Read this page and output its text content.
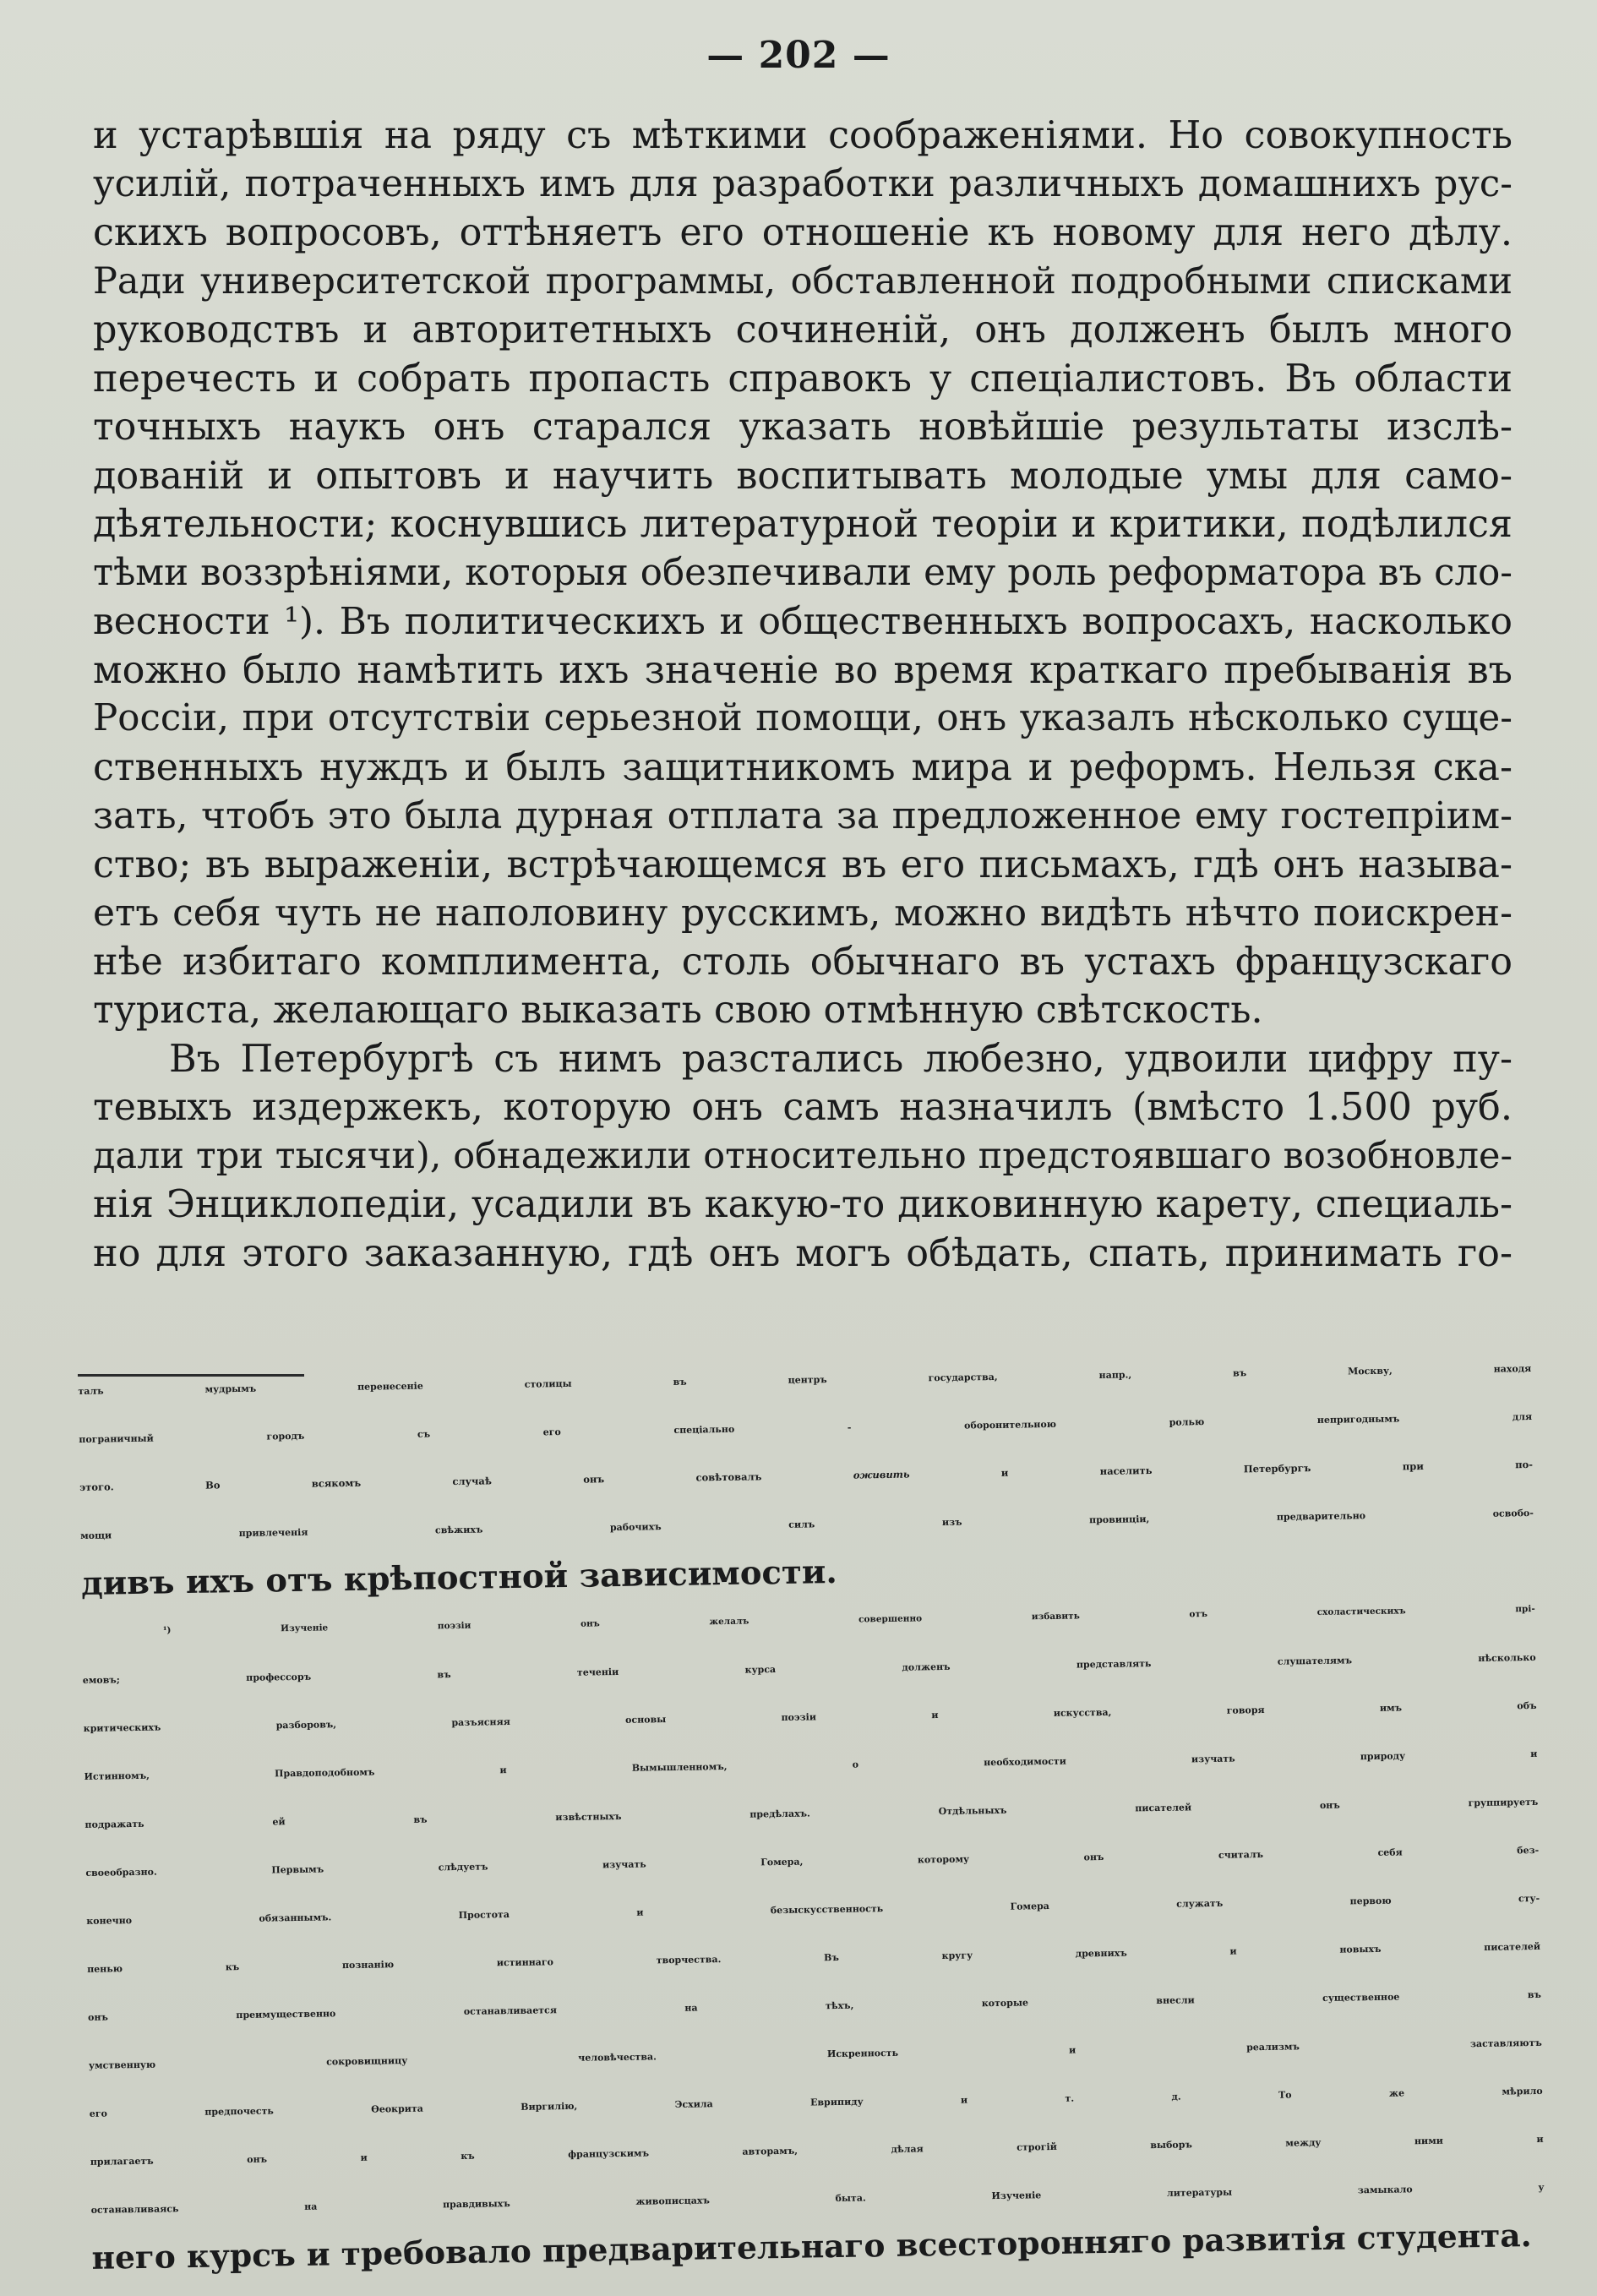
— 202 —

и устарѣвшія на ряду съ мѣткими соображеніями. Но совокупность

усилій, потраченныхъ имъ для разработки различныхъ домашнихъ рус-

скихъ вопросовъ, оттѣняетъ его отношеніе къ новому для него дѣлу.

Ради университетской программы, обставленной подробными списками

руководствъ и авторитетныхъ сочиненій, онъ долженъ былъ много

перечесть и собрать пропасть справокъ у спеціалистовъ. Въ области

точныхъ наукъ онъ старался указать новѣйшіе результаты изслѣ-

дованій и опытовъ и научить воспитывать молодые умы для само-

дѣятельности; коснувшись литературной теоріи и критики, подѣлился

тѣми воззрѣніями, которыя обезпечивали ему роль реформатора въ сло-

весности ¹). Въ политическихъ и общественныхъ вопросахъ, насколько

можно было намѣтить ихъ значеніе во время краткаго пребыванія въ

Россіи, при отсутствіи серьезной помощи, онъ указалъ нѣсколько суще-

ственныхъ нуждъ и былъ защитникомъ мира и реформъ. Нельзя ска-

зать, чтобъ это была дурная отплата за предложенное ему гостепріим-

ство; въ выраженіи, встрѣчающемся въ его письмахъ, гдѣ онъ называ-

етъ себя чуть не наполовину русскимъ, можно видѣть нѣчто поискрен-

нѣе избитаго комплимента, столь обычнаго въ устахъ французскаго

туриста, желающаго выказать свою отмѣнную свѣтскость.

Въ Петербургѣ съ нимъ разстались любезно, удвоили цифру пу-

тевыхъ издержекъ, которую онъ самъ назначилъ (вмѣсто 1.500 руб.

дали три тысячи), обнадежили относительно предстоявшаго возобновле-

нія Энциклопедіи, усадили въ какую-то диковинную карету, специаль-

но для этого заказанную, гдѣ онъ могъ обѣдать, спать, принимать го-

талъ мудрымъ перенесеніе столицы въ центръ государства, напр., въ Москву, находя

пограничный городъ съ его спеціально - оборонительною ролью непригоднымъ для

этого. Во всякомъ случаѣ онъ совѣтовалъ оживить и населить Петербургъ при по-

мощи привлеченія свѣжихъ рабочихъ силъ изъ провинціи, предварительно освобо-

дивъ ихъ отъ крѣпостной зависимости.

¹) Изученіе поэзіи онъ желалъ совершенно избавить отъ схоластическихъ прі-

емовъ; профессоръ въ теченіи курса долженъ представлять слушателямъ нѣсколько

критическихъ разборовъ, разъясняя основы поэзіи и искусства, говоря имъ объ

Истинномъ, Правдоподобномъ и Вымышленномъ, о необходимости изучать природу и

подражать ей въ извѣстныхъ предѣлахъ. Отдѣльныхъ писателей онъ группируетъ

своеобразно. Первымъ слѣдуетъ изучать Гомера, которому онъ считалъ себя без-

конечно обязаннымъ. Простота и безыскусственность Гомера служатъ первою сту-

пенью къ познанію истиннаго творчества. Въ кругу древнихъ и новыхъ писателей

онъ преимущественно останавливается на тѣхъ, которые внесли существенное въ

умственную сокровищницу человѣчества. Искренность и реализмъ заставляютъ

его предпочесть Ѳеокрита Виргилію, Эсхила Еврипиду и т. д. То же мѣрило

прилагаетъ онъ и къ французскимъ авторамъ, дѣлая строгій выборъ между ними и

останавливаясь на правдивыхъ живописцахъ быта. Изученіе литературы замыкало у

него курсъ и требовало предварительнаго всесторонняго развитія студента.
